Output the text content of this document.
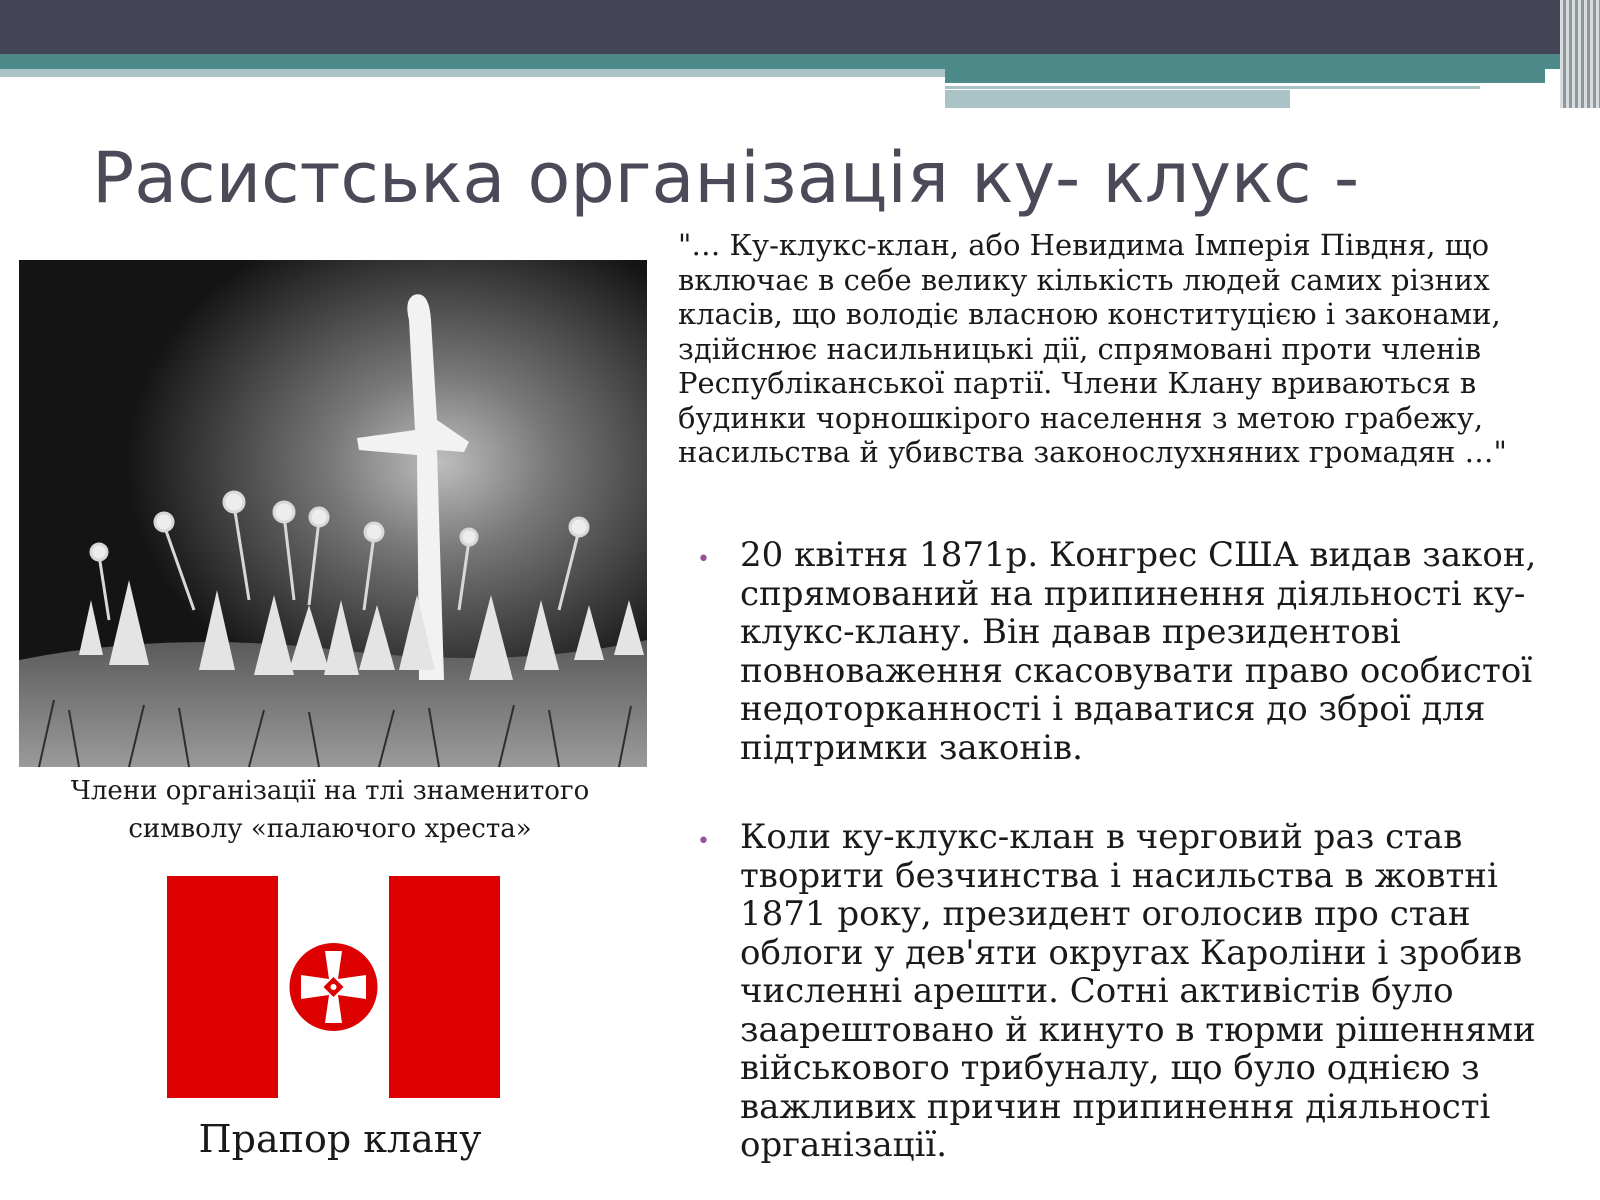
Расистська організація ку- клукс -
Члени організації на тлі знаменитого символу «палаючого хреста»
Прапор клану
"… Ку-клукс-клан, або Невидима Імперія Півдня, що включає в себе велику кількість людей самих різних класів, що володіє власною конституцією і законами, здійснює насильницькі дії, спрямовані проти членів Республіканської партії. Члени Клану вриваються в будинки чорношкірого населення з метою грабежу, насильства й убивства законослухняних громадян …"
• 20 квітня 1871р. Конгрес США видав закон, спрямований на припинення діяльності ку-клукс-клану. Він давав президентові повноваження скасовувати право особистої недоторканності і вдаватися до зброї для підтримки законів.
• Коли ку-клукс-клан в черговий раз став творити безчинства і насильства в жовтні 1871 року, президент оголосив про стан облоги у дев'яти округах Кароліни і зробив численні арешти. Сотні активістів було заарештовано й кинуто в тюрми рішеннями військового трибуналу, що було однією з важливих причин припинення діяльності організації.
